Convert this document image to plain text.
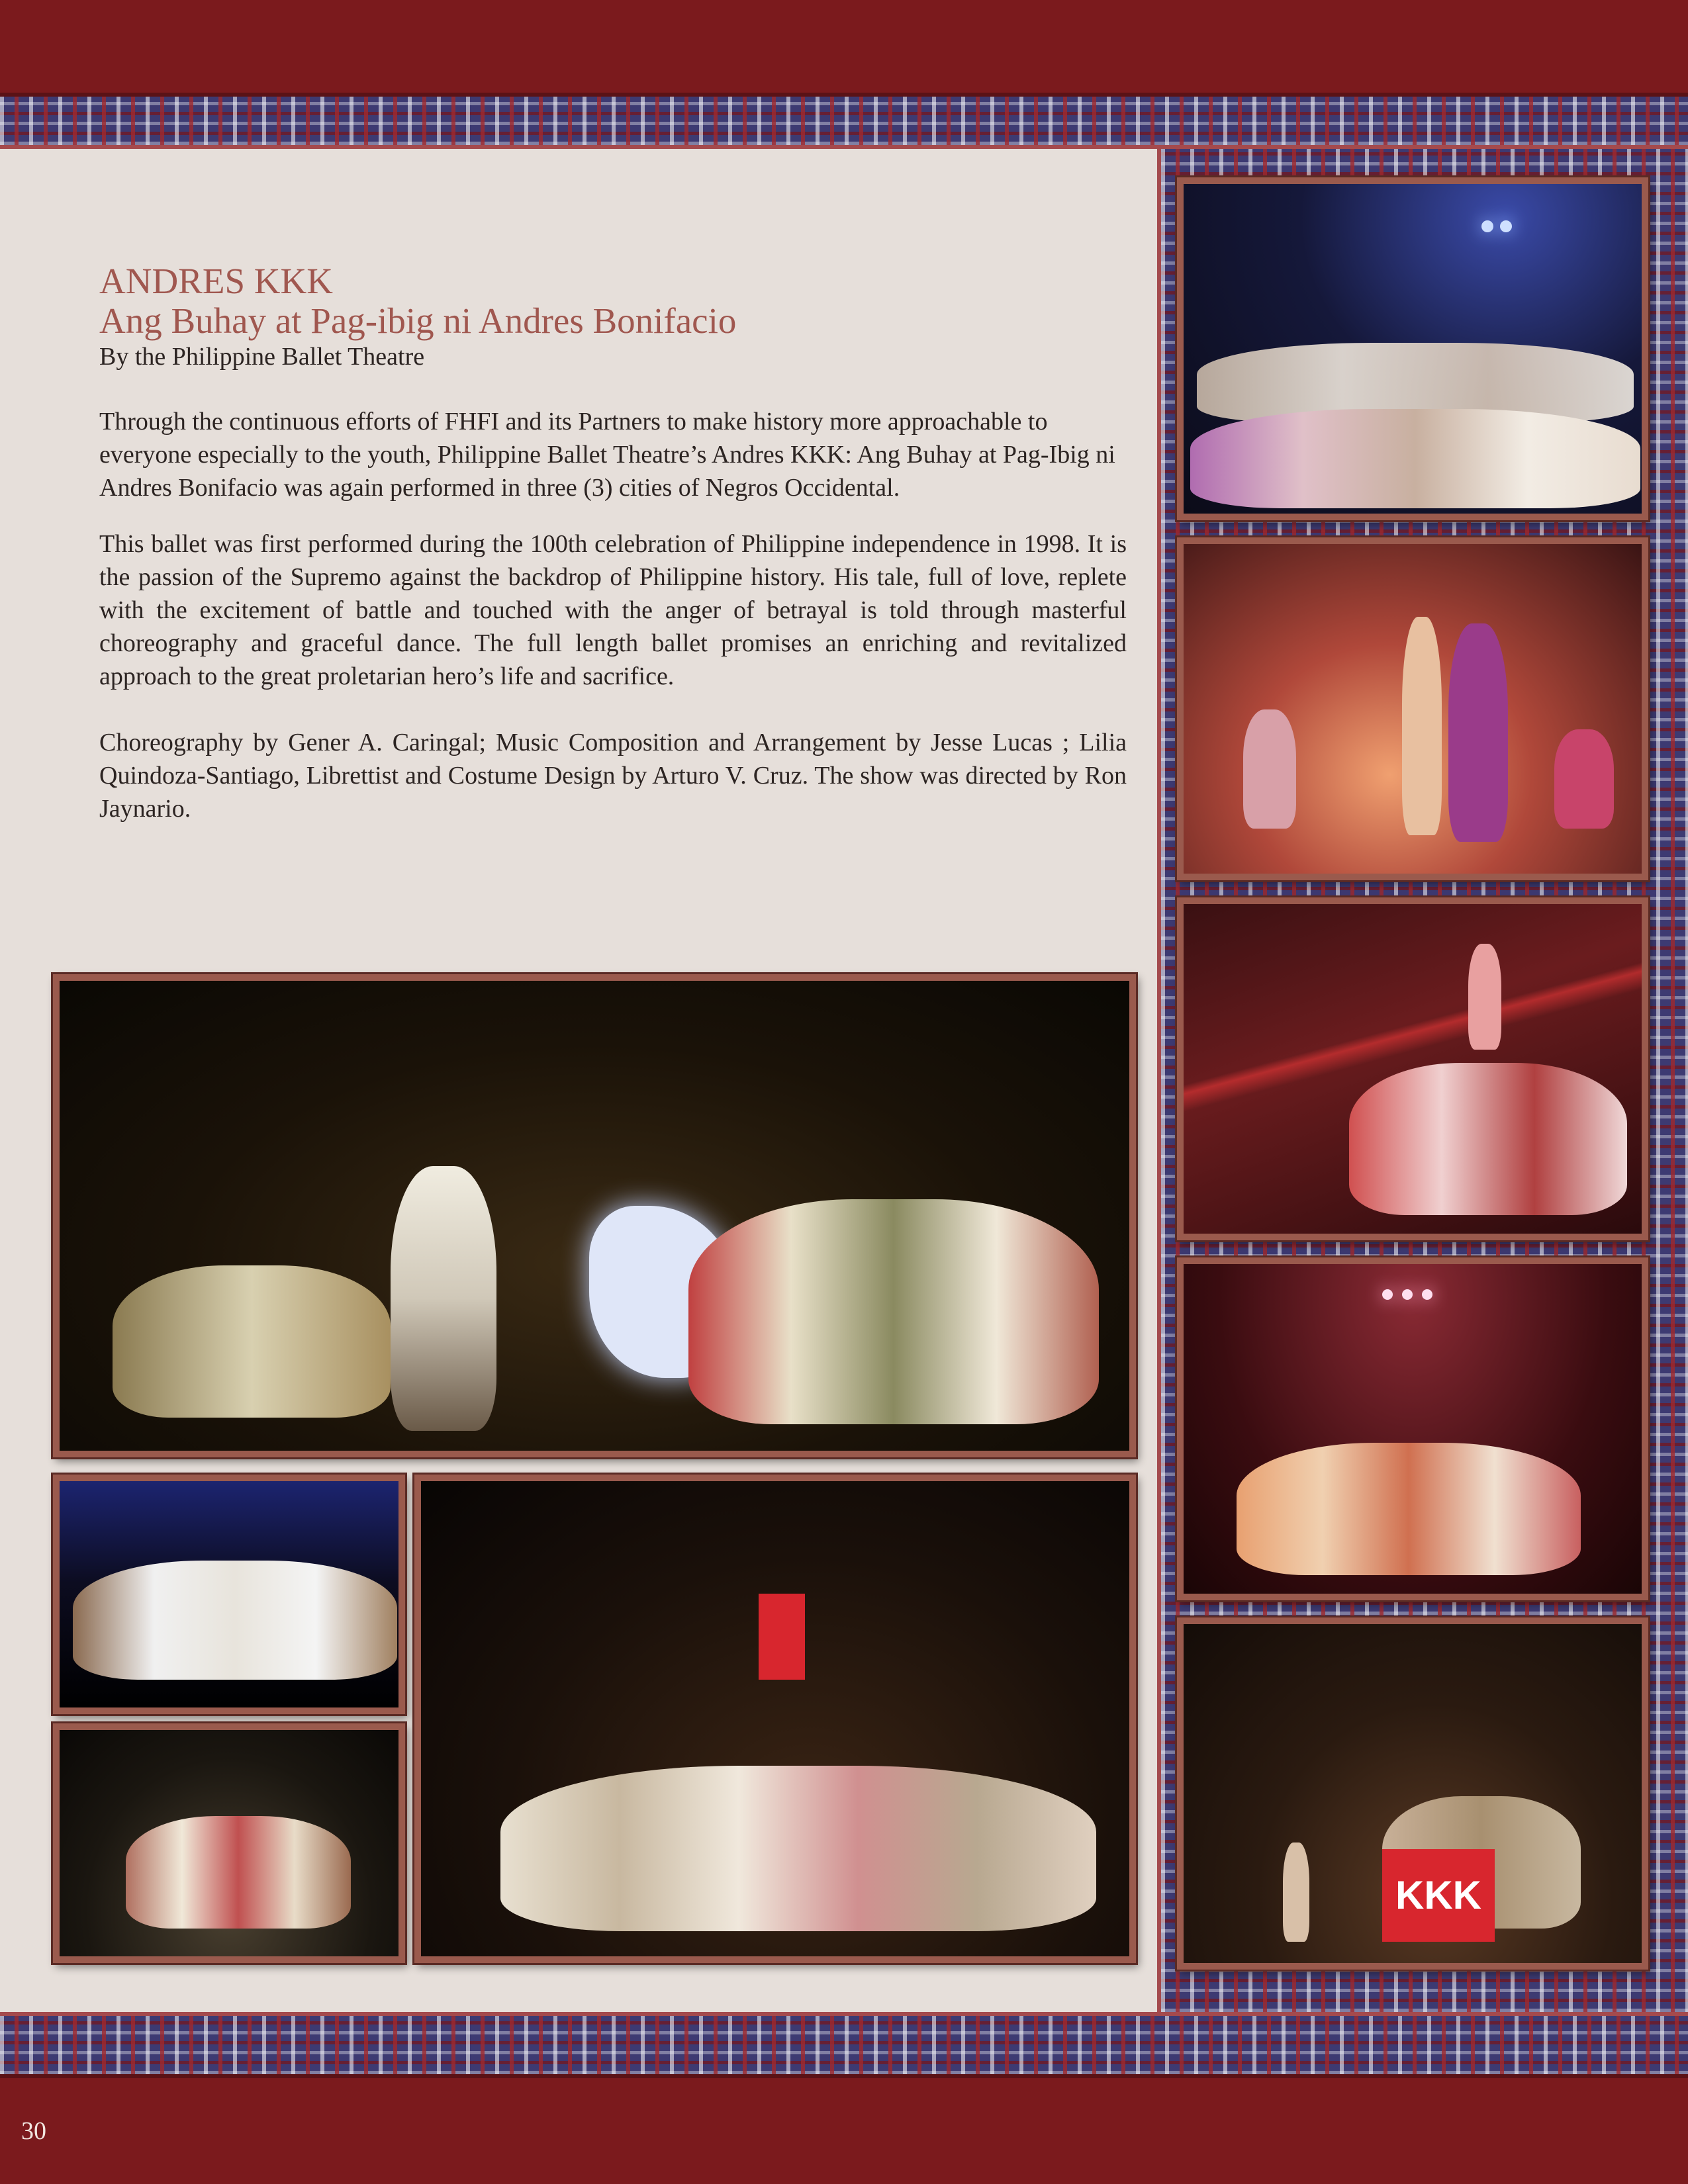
ANDRES KKK
Ang Buhay at Pag-ibig ni Andres Bonifacio
By the Philippine Ballet Theatre

Through the continuous efforts of FHFI and its Partners to make history more approachable to everyone especially to the youth, Philippine Ballet Theatre’s Andres KKK: Ang Buhay at Pag-Ibig ni Andres Bonifacio was again performed in three (3) cities of Negros Occidental.

This ballet was first performed during the 100th celebration of Philippine independence in 1998. It is the passion of the Supremo against the backdrop of Philippine history. His tale, full of love, replete with the excitement of battle and touched with the anger of betrayal is told through masterful choreography and graceful dance. The full length ballet promises an enriching and revitalized approach to the great proletarian hero’s life and sacrifice.

Choreography by Gener A. Caringal; Music Composition and Arrangement by Jesse Lucas ; Lilia Quindoza-Santiago, Librettist and Costume Design by Arturo V. Cruz. The show was directed by Ron Jaynario.

KKK
30
